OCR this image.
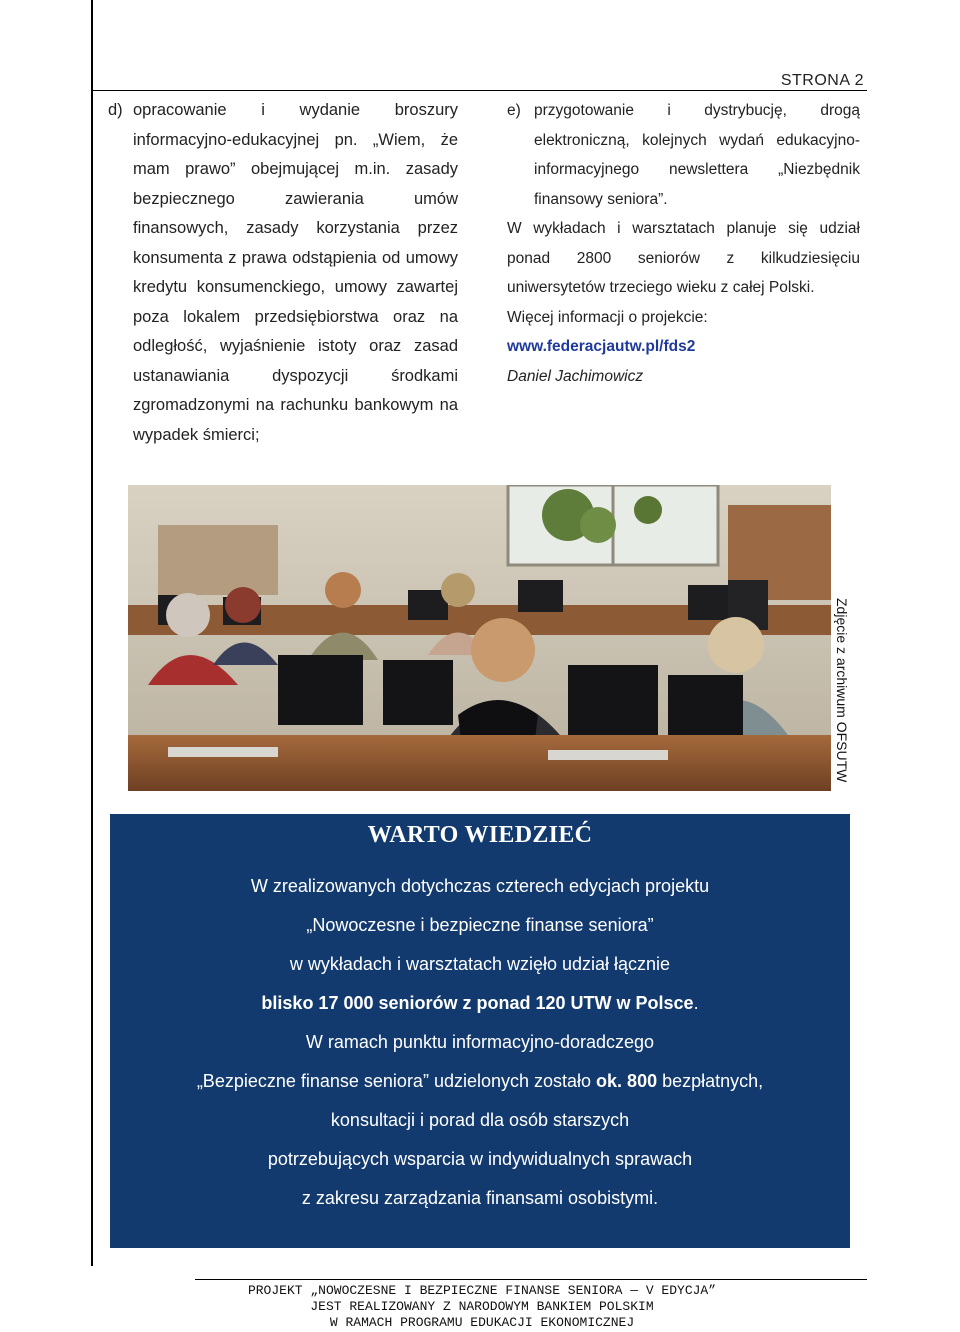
STRONA 2
d) opracowanie i wydanie broszury informacyjno-edukacyjnej pn. „Wiem, że mam prawo” obejmującej m.in. zasady bezpiecznego zawierania umów finansowych, zasady korzystania przez konsumenta z prawa odstąpienia od umowy kredytu konsumenckiego, umowy zawartej poza lokalem przedsiębiorstwa oraz na odległość, wyjaśnienie istoty oraz zasad ustanawiania dyspozycji środkami zgromadzonymi na rachunku bankowym na wypadek śmierci;
e) przygotowanie i dystrybucję, drogą elektroniczną, kolejnych wydań edukacyjno-informacyjnego newslettera „Niezbędnik finansowy seniora”.

W wykładach i warsztatach planuje się udział ponad 2800 seniorów z kilkudziesięciu uniwersytetów trzeciego wieku z całej Polski.

Więcej informacji o projekcie:

www.federacjautw.pl/fds2

Daniel Jachimowicz

Zdjęcie z archiwum OFSUTW
WARTO WIEDZIEĆ

W zrealizowanych dotychczas czterech edycjach projektu

„Nowoczesne i bezpieczne finanse seniora”

w wykładach i warsztatach wzięło udział łącznie

blisko 17 000 seniorów z ponad 120 UTW w Polsce.

W ramach punktu informacyjno-doradczego

„Bezpieczne finanse seniora” udzielonych zostało ok. 800 bezpłatnych,

konsultacji i porad dla osób starszych

potrzebujących wsparcia w indywidualnych sprawach

z zakresu zarządzania finansami osobistymi.

PROJEKT „NOWOCZESNE I BEZPIECZNE FINANSE SENIORA — V EDYCJA”
JEST REALIZOWANY Z NARODOWYM BANKIEM POLSKIM
W RAMACH PROGRAMU EDUKACJI EKONOMICZNEJ
